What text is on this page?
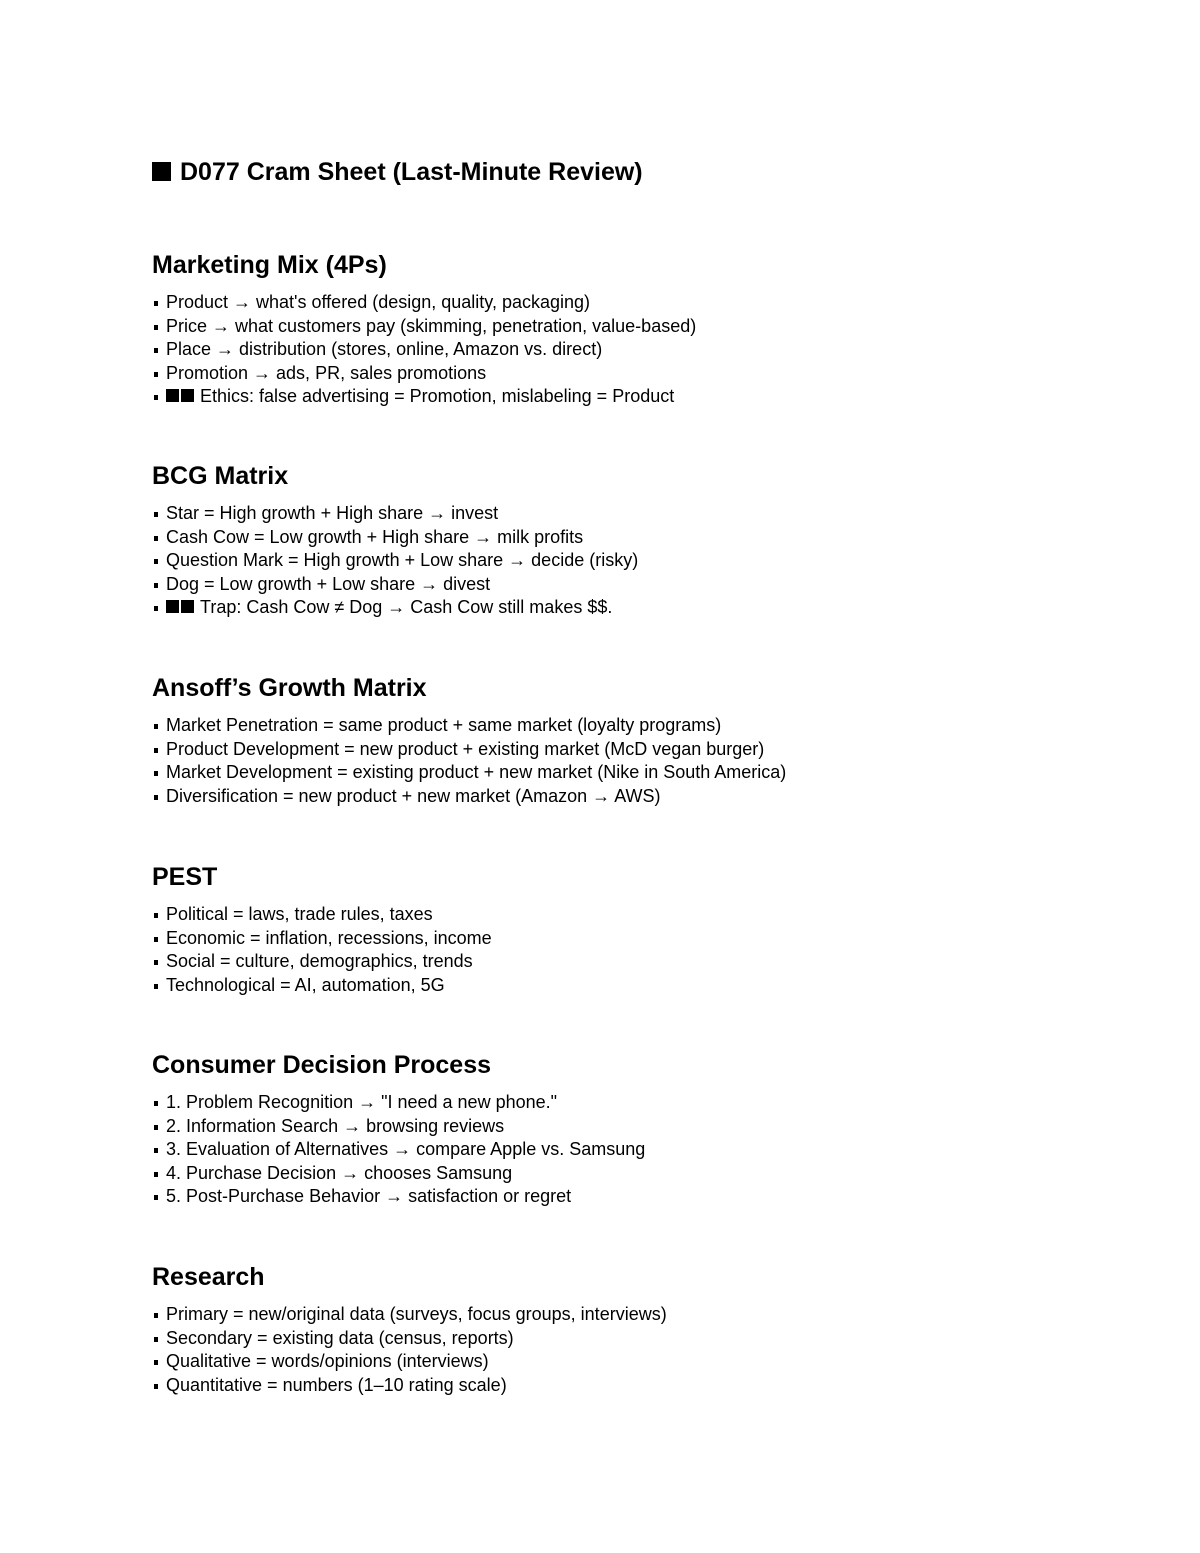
D077 Cram Sheet (Last-Minute Review)
Marketing Mix (4Ps)
Product → what's offered (design, quality, packaging)
Price → what customers pay (skimming, penetration, value-based)
Place → distribution (stores, online, Amazon vs. direct)
Promotion → ads, PR, sales promotions
Ethics: false advertising = Promotion, mislabeling = Product
BCG Matrix
Star = High growth + High share → invest
Cash Cow = Low growth + High share → milk profits
Question Mark = High growth + Low share → decide (risky)
Dog = Low growth + Low share → divest
Trap: Cash Cow ≠ Dog → Cash Cow still makes $$.
Ansoff’s Growth Matrix
Market Penetration = same product + same market (loyalty programs)
Product Development = new product + existing market (McD vegan burger)
Market Development = existing product + new market (Nike in South America)
Diversification = new product + new market (Amazon → AWS)
PEST
Political = laws, trade rules, taxes
Economic = inflation, recessions, income
Social = culture, demographics, trends
Technological = AI, automation, 5G
Consumer Decision Process
1. Problem Recognition → "I need a new phone."
2. Information Search → browsing reviews
3. Evaluation of Alternatives → compare Apple vs. Samsung
4. Purchase Decision → chooses Samsung
5. Post-Purchase Behavior → satisfaction or regret
Research
Primary = new/original data (surveys, focus groups, interviews)
Secondary = existing data (census, reports)
Qualitative = words/opinions (interviews)
Quantitative = numbers (1–10 rating scale)
